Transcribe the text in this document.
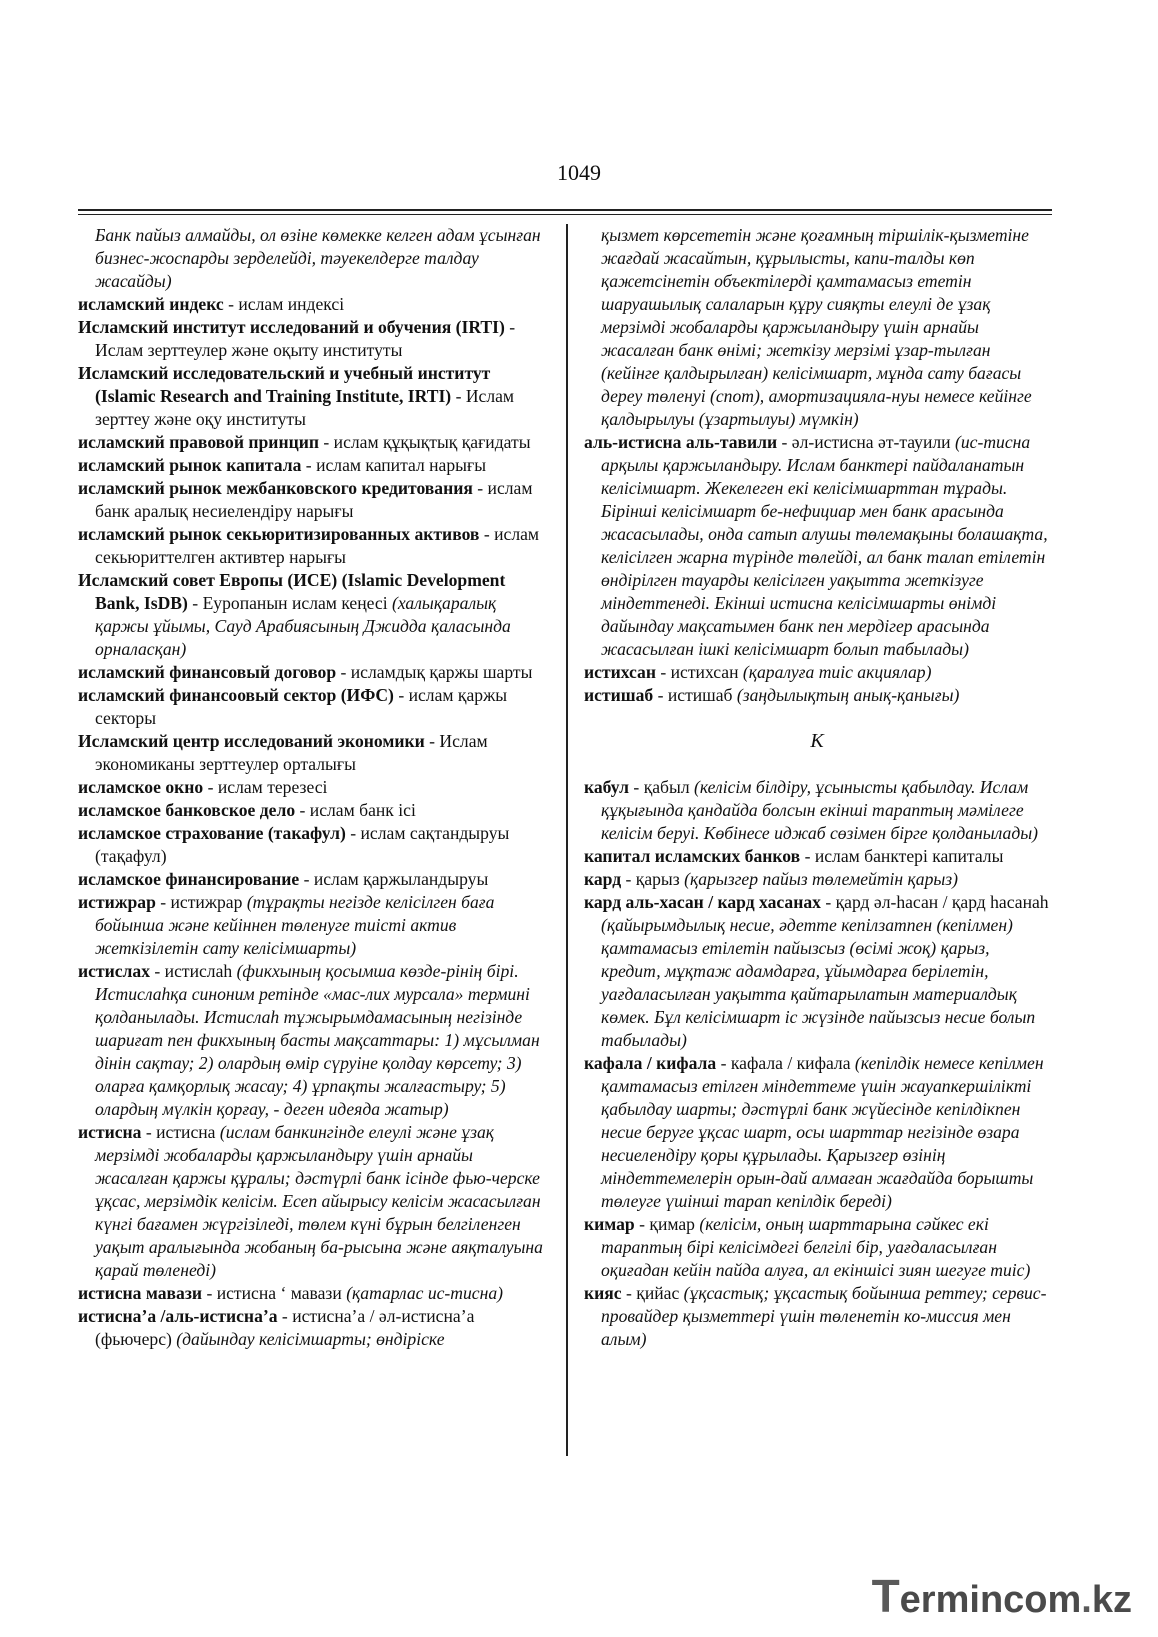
1049

Банк пайыз алмайды, ол өзіне көмекке келген адам ұсынған бизнес-жоспарды зерделейді, тәуекелдерге талдау жасайды)

исламский индекс - ислам индексі

Исламский институт исследований и обучения (IRTI) - Ислам зерттеулер және оқыту институты

Исламский исследовательский и учебный институт (Islamic Research and Training Institute, IRTI) - Ислам зерттеу және оқу институты

исламский правовой принцип - ислам құқықтық қағидаты

исламский рынок капитала - ислам капитал нарығы

исламский рынок межбанковского кредитования - ислам банк аралық несиелендіру нарығы

исламский рынок секьюритизированных активов - ислам секьюриттелген активтер нарығы

Исламский совет Европы (ИСЕ) (Islamic Development Bank, IsDB) - Еуропанын ислам кеңесі (халықаралық қаржы ұйымы, Сауд Арабиясының Джидда қаласында орналасқан)

исламский финансовый договор - исламдық қаржы шарты

исламский финансоовый сектор (ИФС) - ислам қаржы секторы

Исламский центр исследований экономики - Ислам экономиканы зерттеулер орталығы

исламское окно - ислам терезесі

исламское банковское дело - ислам банк ісі

исламское страхование (такафул) - ислам сақтандыруы (тақафул)

исламское финансирование - ислам қаржыландыруы

истижрар - истижрар (тұрақты негізде келісілген баға бойынша және кейіннен төленуге тиісті актив жеткізілетін сату келісімшарты)

истислах - истислаһ (фикхының қосымша көзде-рінің бірі. Истислаһқа синоним ретінде «мас-лих мурсала» термині қолданылады. Истислаһ тұжырымдамасының негізінде шариғат пен фикхының басты мақсаттары: 1) мұсылман дінін сақтау; 2) олардың өмір сүруіне қолдау көрсету; 3) оларға қамқорлық жасау; 4) ұрпақты жалғастыру; 5) олардың мүлкін қорғау, - деген идеяда жатыр)

истисна - истисна (ислам банкингінде елеулі және ұзақ мерзімді жобаларды қаржыландыру үшін арнайы жасалған қаржы құралы; дәстүрлі банк ісінде фью-черске ұқсас, мерзімдік келісім. Есеп айырысу келісім жасасылған күнгі бағамен жүргізіледі, төлем күні бұрын белгіленген уақыт аралығында жобаның ба-рысына және аяқталуына қарай төленеді)

истисна мавази - истисна ‘ мавази (қатарлас ис-тисна)

истисна’а /аль-истисна’а - истисна’а / әл-истисна’а (фьючерс) (дайындау келісімшарты; өндіріске

қызмет көрсететін және қоғамның тіршілік-қызметіне жағдай жасайтын, құрылысты, капи-талды көп қажетсінетін объектілерді қамтамасыз ететін шаруашылық салаларын құру сияқты елеулі де ұзақ мерзімді жобаларды қаржыландыру үшін арнайы жасалған банк өнімі; жеткізу мерзімі ұзар-тылған (кейінге қалдырылған) келісімшарт, мұнда сату бағасы дереу төленуі (спот), амортизацияла-нуы немесе кейінге қалдырылуы (ұзартылуы) мүмкін)

аль-истисна аль-тавили - әл-истисна әт-тауили (ис-тисна арқылы қаржыландыру. Ислам банктері пайдаланатын келісімшарт. Жекелеген екі келісімшарттан тұрады. Бірінші келісімшарт бе-нефициар мен банк арасында жасасылады, онда сатып алушы төлемақыны болашақта, келісілген жарна түрінде төлейді, ал банк талап етілетін өндірілген тауарды келісілген уақытта жеткізуге міндеттенеді. Екінші истисна келісімшарты өнімді дайындау мақсатымен банк пен мердігер арасында жасасылған ішкі келісімшарт болып табылады)

истихсан - истихсан (қаралуға тиіс акциялар)

истишаб - истишаб (заңдылықтың анық-қанығы)

К

кабул - қабыл (келісім білдіру, ұсынысты қабылдау. Ислам құқығында қандайда болсын екінші тараптың мәмілеге келісім беруі. Көбінесе иджаб сөзімен бірге қолданылады)

капитал исламских банков - ислам банктері капиталы

кард - қарыз (қарызгер пайыз төлемейтін қарыз)

кард аль-хасан / кард хасанах - қард әл-һасан / қард һасанаһ (қайырымдылық несие, әдетте кепілзатпен (кепілмен) қамтамасыз етілетін пайызсыз (өсімі жоқ) қарыз, кредит, мұқтаж адамдарға, ұйымдарға берілетін, уағдаласылған уақытта қайтарылатын материалдық көмек. Бұл келісімшарт іс жүзінде пайызсыз несие болып табылады)

кафала / кифала - кафала / кифала (кепілдік немесе кепілмен қамтамасыз етілген міндеттеме үшін жауапкершілікті қабылдау шарты; дәстүрлі банк жүйесінде кепілдікпен несие беруге ұқсас шарт, осы шарттар негізінде өзара несиелендіру қоры құрылады. Қарызгер өзінің міндеттемелерін орын-дай алмаған жағдайда борышты төлеуге үшінші тарап кепілдік береді)

кимар - қимар (келісім, оның шарттарына сәйкес екі тараптың бірі келісімдегі белгілі бір, уағдаласылған оқиғадан кейін пайда алуға, ал екіншісі зиян шегуге тиіс)

кияс - қийас (ұқсастық; ұқсастық бойынша реттеу; сервис-провайдер қызметтері үшін төленетін ко-миссия мен алым)

Termincom.kz
